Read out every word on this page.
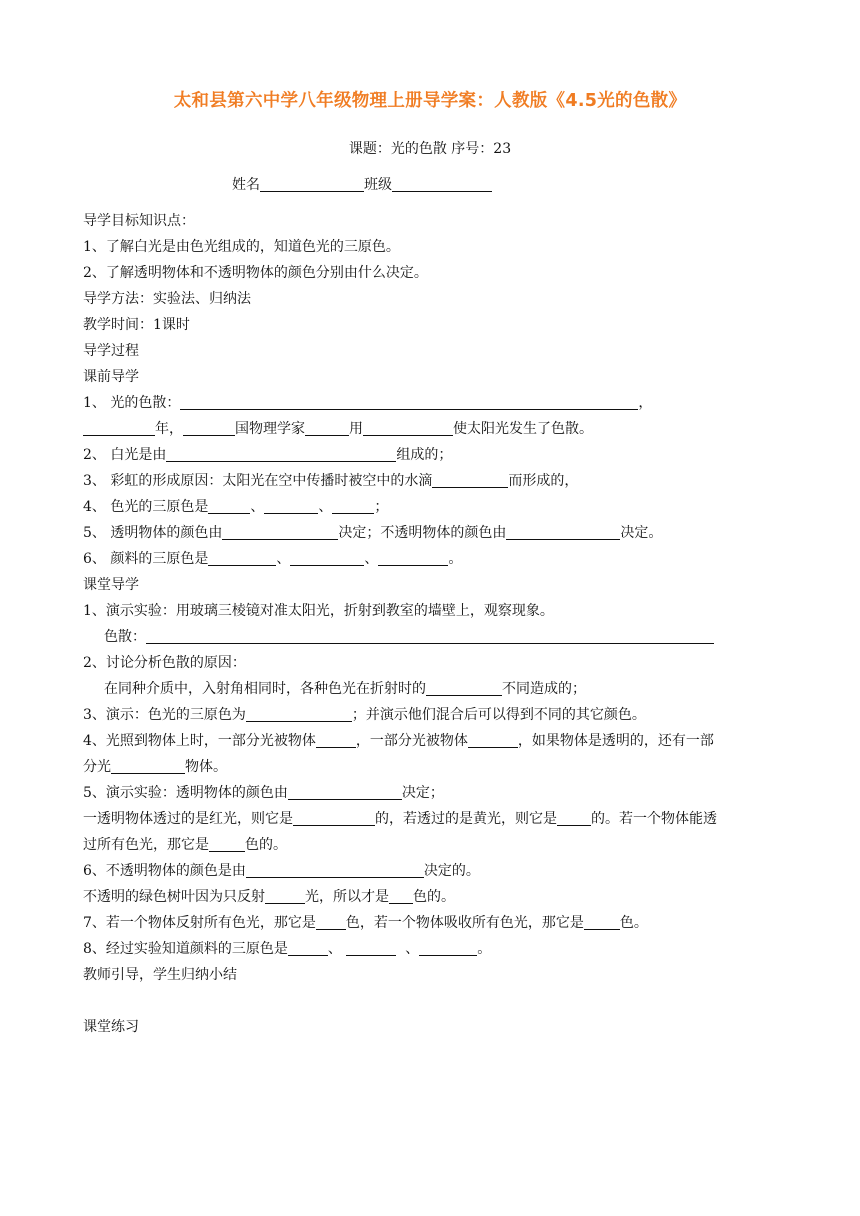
太和县第六中学八年级物理上册导学案：人教版《4.5光的色散》
课题：光的色散 序号：23
姓名	班级
导学目标知识点：
1、了解白光是由色光组成的，知道色光的三原色。
2、了解透明物体和不透明物体的颜色分别由什么决定。
导学方法：实验法、归纳法
教学时间：1课时
导学过程
课前导学
1、 光的色散：	，
年，	国物理学家	用	使太阳光发生了色散。
2、 白光是由	组成的；
3、 彩虹的形成原因：太阳光在空中传播时被空中的水滴	而形成的，
4、 色光的三原色是	、	、	；
5、 透明物体的颜色由	决定；不透明物体的颜色由	决定。
6、 颜料的三原色是	、	、	。
课堂导学
1、演示实验：用玻璃三棱镜对准太阳光，折射到教室的墙壁上，观察现象。
色散：
2、讨论分析色散的原因：
在同种介质中，入射角相同时，各种色光在折射时的	不同造成的；
3、演示：色光的三原色为	；并演示他们混合后可以得到不同的其它颜色。
4、光照到物体上时，一部分光被物体	，一部分光被物体	，如果物体是透明的，还有一部
分光	物体。
5、演示实验：透明物体的颜色由	决定；
一透明物体透过的是红光，则它是	的，若透过的是黄光，则它是 的。若一个物体能透
过所有色光，那它是	色的。
6、不透明物体的颜色是由	决定的。
不透明的绿色树叶因为只反射	光，所以才是 色的。
7、若一个物体反射所有色光，那它是 色，若一个物体吸收所有色光，那它是	色。
8、经过实验知道颜料的三原色是	、	、	。
教师引导，学生归纳小结
课堂练习
